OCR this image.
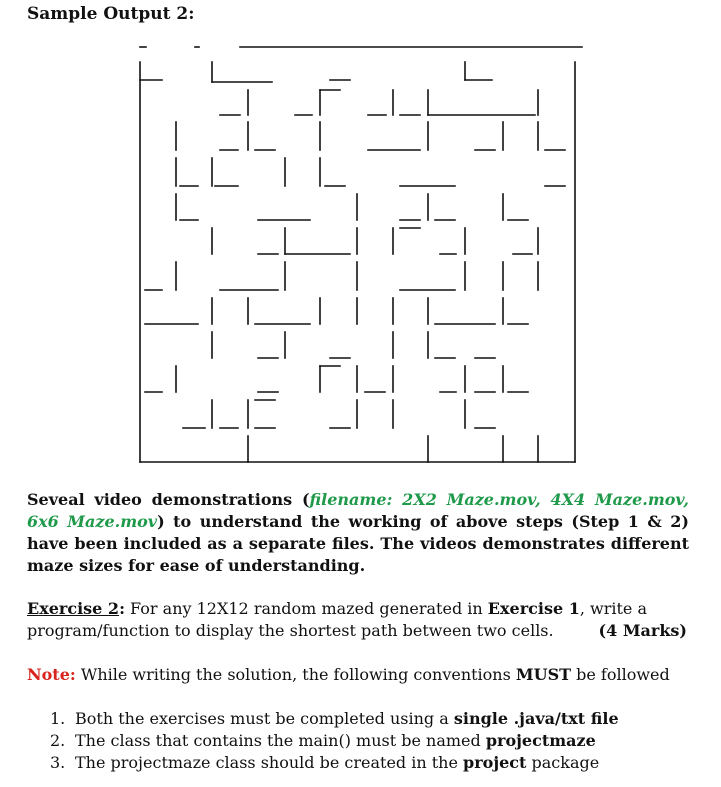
Sample Output 2:
Seveal video demonstrations (filename: 2X2 Maze.mov, 4X4 Maze.mov, 6x6 Maze.mov) to understand the working of above steps (Step 1 & 2) have been included as a separate files. The videos demonstrates different maze sizes for ease of understanding.
Exercise 2: For any 12X12 random mazed generated in Exercise 1, write a program/function to display the shortest path between two cells.	(4 Marks)
Note: While writing the solution, the following conventions MUST be followed
1. Both the exercises must be completed using a single .java/txt file
2. The class that contains the main() must be named projectmaze
3. The projectmaze class should be created in the project package
